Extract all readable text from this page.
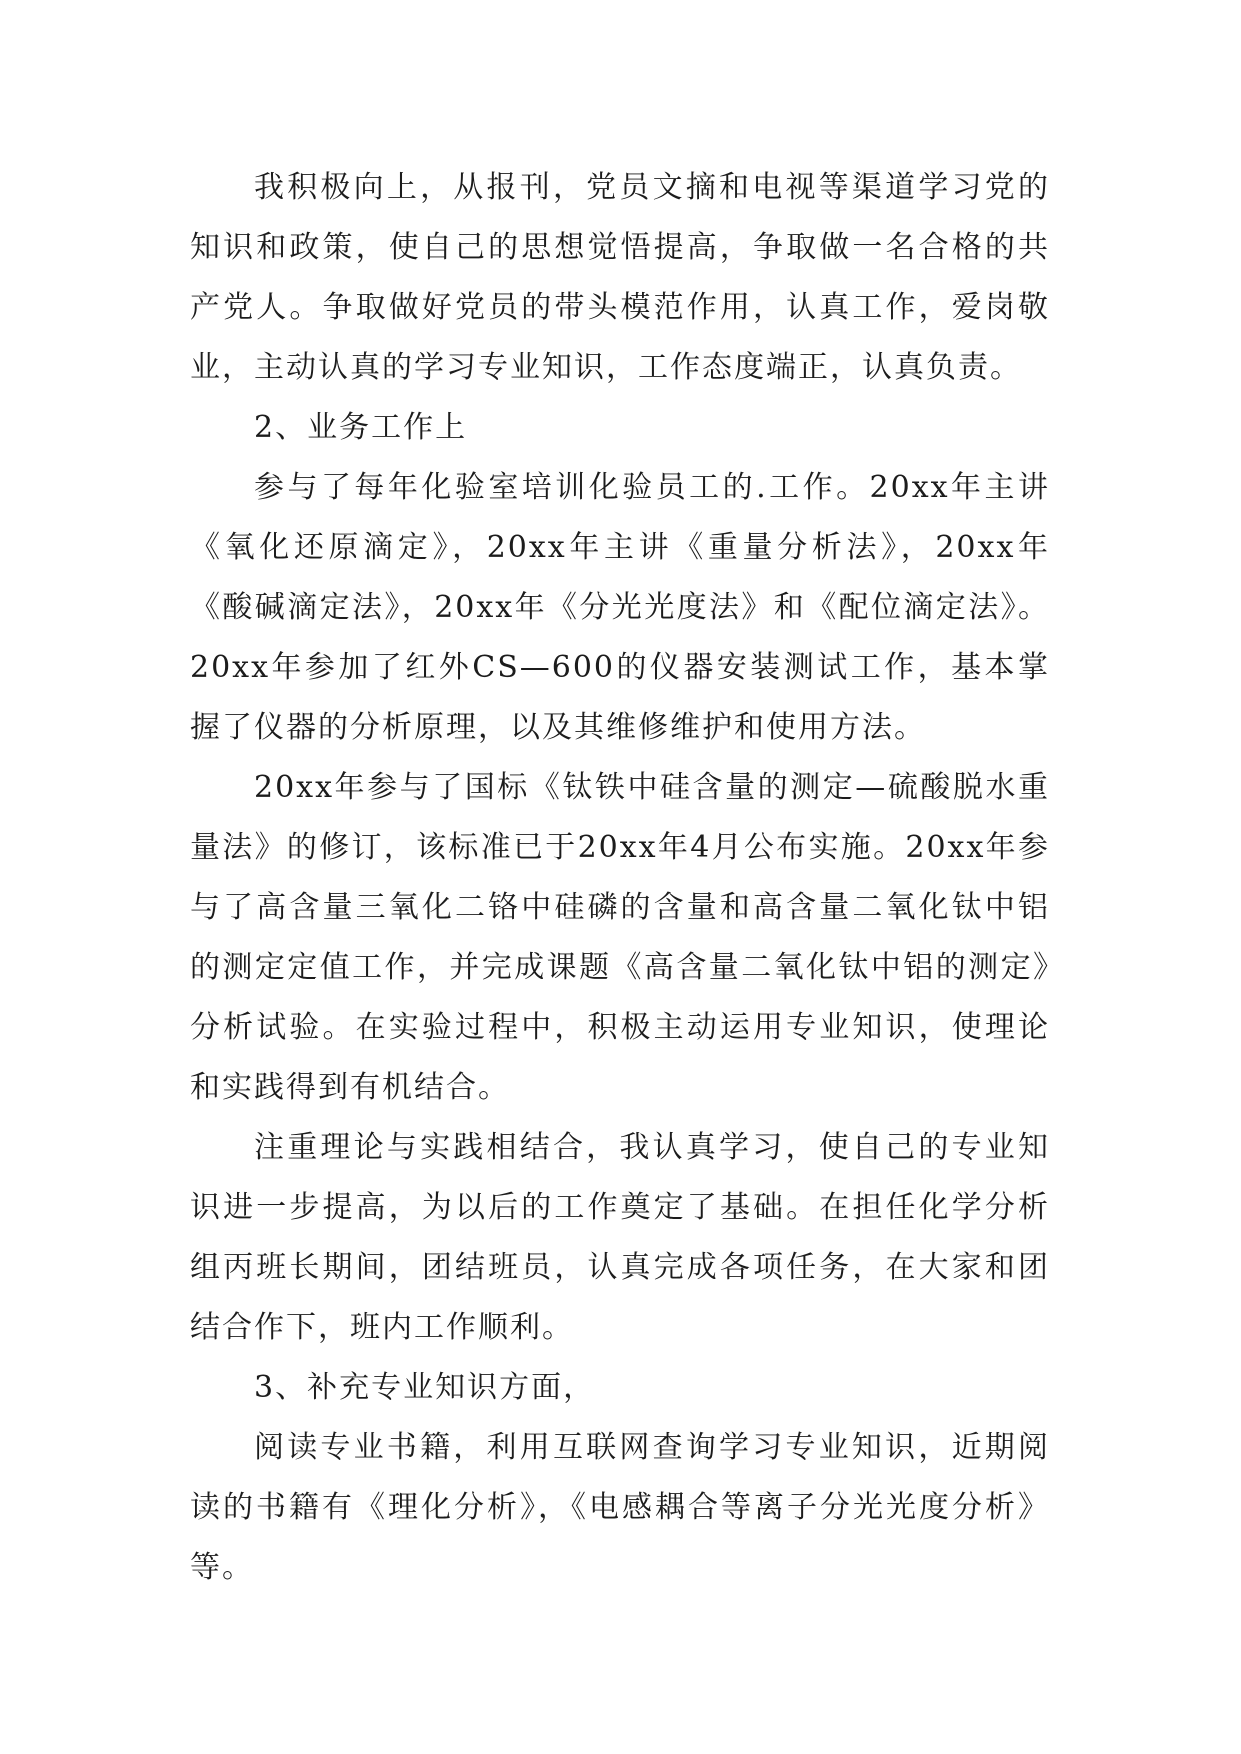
我积极向上，从报刊，党员文摘和电视等渠道学习党的知识和政策，使自己的思想觉悟提高，争取做一名合格的共产党人。争取做好党员的带头模范作用，认真工作，爱岗敬业，主动认真的学习专业知识，工作态度端正，认真负责。

2、业务工作上

参与了每年化验室培训化验员工的.工作。20xx年主讲《氧化还原滴定》，20xx年主讲《重量分析法》，20xx年《酸碱滴定法》，20xx年《分光光度法》和《配位滴定法》。20xx年参加了红外CS—600的仪器安装测试工作，基本掌握了仪器的分析原理，以及其维修维护和使用方法。

20xx年参与了国标《钛铁中硅含量的测定—硫酸脱水重量法》的修订，该标准已于20xx年4月公布实施。20xx年参与了高含量三氧化二铬中硅磷的含量和高含量二氧化钛中铝的测定定值工作，并完成课题《高含量二氧化钛中铝的测定》分析试验。在实验过程中，积极主动运用专业知识，使理论和实践得到有机结合。

注重理论与实践相结合，我认真学习，使自己的专业知识进一步提高，为以后的工作奠定了基础。在担任化学分析组丙班长期间，团结班员，认真完成各项任务，在大家和团结合作下，班内工作顺利。

3、补充专业知识方面，

阅读专业书籍，利用互联网查询学习专业知识，近期阅读的书籍有《理化分析》，《电感耦合等离子分光光度分析》等。
